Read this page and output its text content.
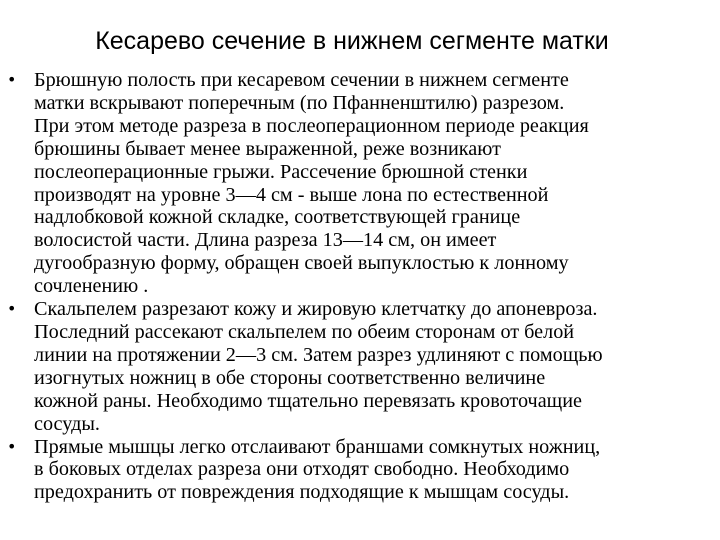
Кесарево сечение в нижнем сегменте матки
• Брюшную полость при кесаревом сечении в нижнем сегменте
матки вскрывают поперечным (по Пфанненштилю) разрезом.
При этом методе разреза в послеоперационном периоде реакция
брюшины бывает менее выраженной, реже возникают
послеоперационные грыжи. Рассечение брюшной стенки
производят на уровне 3—4 см - выше лона по естественной
надлобковой кожной складке, соответствующей границе
волосистой части. Длина разреза 13—14 см, он имеет
дугообразную форму, обращен своей выпуклостью к лонному
сочленению .
• Скальпелем разрезают кожу и жировую клетчатку до апоневроза.
Последний рассекают скальпелем по обеим сторонам от белой
линии на протяжении 2—3 см. Затем разрез удлиняют с помощью
изогнутых ножниц в обе стороны соответственно величине
кожной раны. Необходимо тщательно перевязать кровоточащие
сосуды.
• Прямые мышцы легко отслаивают браншами сомкнутых ножниц,
в боковых отделах разреза они отходят свободно. Необходимо
предохранить от повреждения подходящие к мышцам сосуды.
